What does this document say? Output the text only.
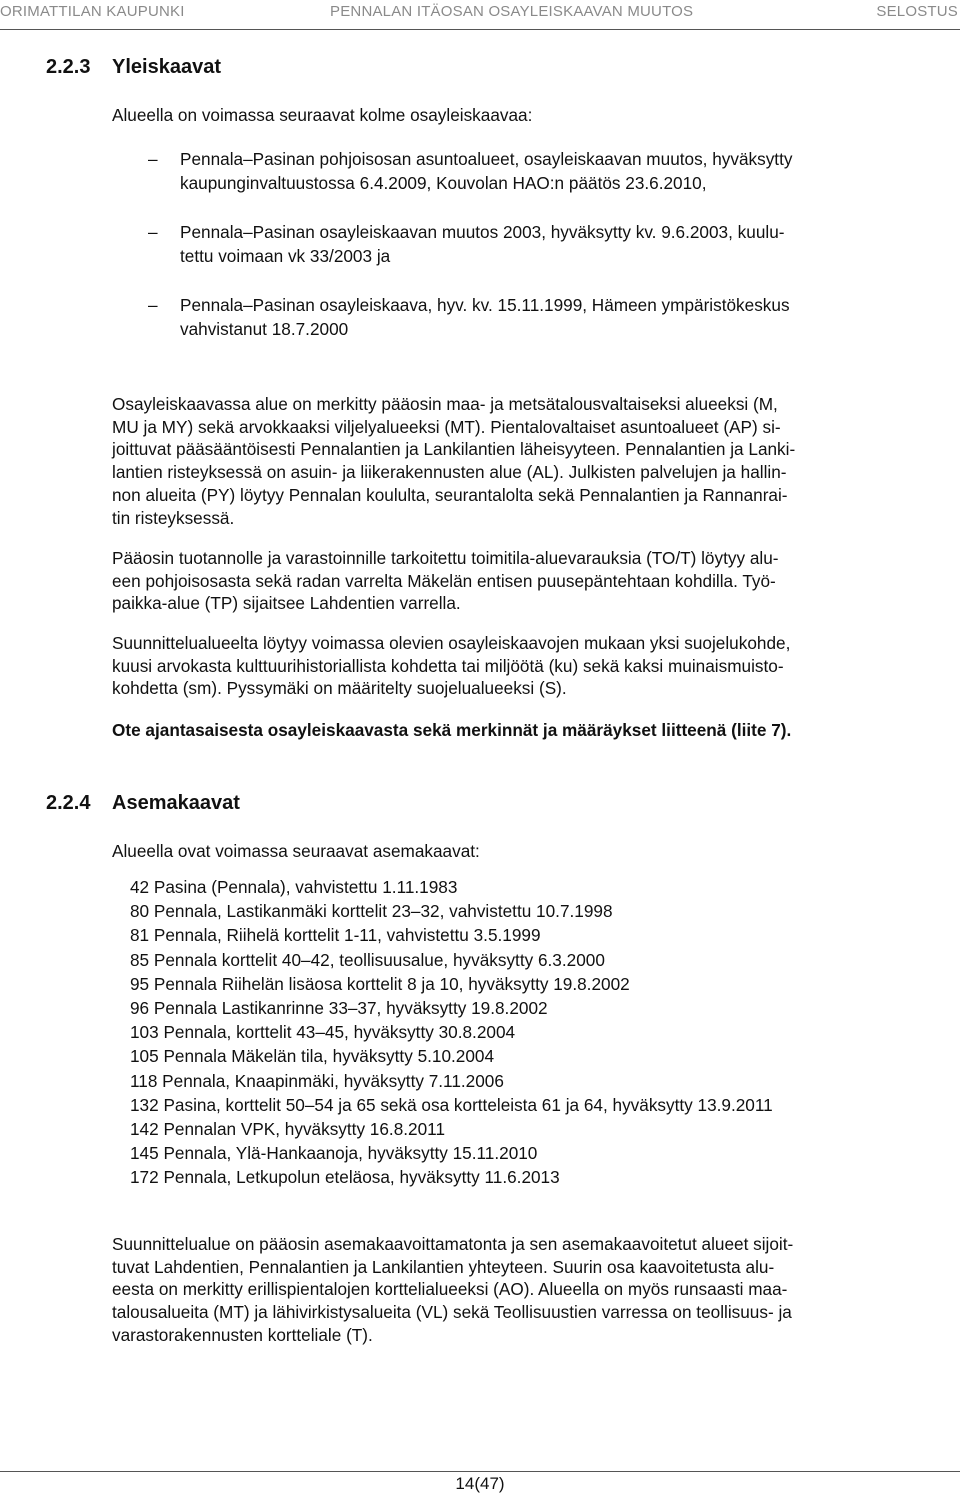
ORIMATTILAN KAUPUNKI	PENNALAN ITÄOSAN OSAYLEISKAAVAN MUUTOS	SELOSTUS
2.2.3 Yleiskaavat
Alueella on voimassa seuraavat kolme osayleiskaavaa:
– Pennala–Pasinan pohjoisosan asuntoalueet, osayleiskaavan muutos, hyväksytty
kaupunginvaltuustossa 6.4.2009, Kouvolan HAO:n päätös 23.6.2010,
– Pennala–Pasinan osayleiskaavan muutos 2003, hyväksytty kv. 9.6.2003, kuulu-
tettu voimaan vk 33/2003 ja
– Pennala–Pasinan osayleiskaava, hyv. kv. 15.11.1999, Hämeen ympäristökeskus
vahvistanut 18.7.2000
Osayleiskaavassa alue on merkitty pääosin maa- ja metsätalousvaltaiseksi alueeksi (M,
MU ja MY) sekä arvokkaaksi viljelyalueeksi (MT). Pientalovaltaiset asuntoalueet (AP) si-
joittuvat pääsääntöisesti Pennalantien ja Lankilantien läheisyyteen. Pennalantien ja Lanki-
lantien risteyksessä on asuin- ja liikerakennusten alue (AL). Julkisten palvelujen ja hallin-
non alueita (PY) löytyy Pennalan koululta, seurantalolta sekä Pennalantien ja Rannanrai-
tin risteyksessä.
Pääosin tuotannolle ja varastoinnille tarkoitettu toimitila-aluevarauksia (TO/T) löytyy alu-
een pohjoisosasta sekä radan varrelta Mäkelän entisen puusepäntehtaan kohdilla. Työ-
paikka-alue (TP) sijaitsee Lahdentien varrella.
Suunnittelualueelta löytyy voimassa olevien osayleiskaavojen mukaan yksi suojelukohde,
kuusi arvokasta kulttuurihistoriallista kohdetta tai miljöötä (ku) sekä kaksi muinaismuisto-
kohdetta (sm). Pyssymäki on määritelty suojelualueeksi (S).
Ote ajantasaisesta osayleiskaavasta sekä merkinnät ja määräykset liitteenä (liite 7).
2.2.4 Asemakaavat
Alueella ovat voimassa seuraavat asemakaavat:
42 Pasina (Pennala), vahvistettu 1.11.1983
80 Pennala, Lastikanmäki korttelit 23–32, vahvistettu 10.7.1998
81 Pennala, Riihelä korttelit 1-11, vahvistettu 3.5.1999
85 Pennala korttelit 40–42, teollisuusalue, hyväksytty 6.3.2000
95 Pennala Riihelän lisäosa korttelit 8 ja 10, hyväksytty 19.8.2002
96 Pennala Lastikanrinne 33–37, hyväksytty 19.8.2002
103 Pennala, korttelit 43–45, hyväksytty 30.8.2004
105 Pennala Mäkelän tila, hyväksytty 5.10.2004
118 Pennala, Knaapinmäki, hyväksytty 7.11.2006
132 Pasina, korttelit 50–54 ja 65 sekä osa kortteleista 61 ja 64, hyväksytty 13.9.2011
142 Pennalan VPK, hyväksytty 16.8.2011
145 Pennala, Ylä-Hankaanoja, hyväksytty 15.11.2010
172 Pennala, Letkupolun eteläosa, hyväksytty 11.6.2013
Suunnittelualue on pääosin asemakaavoittamatonta ja sen asemakaavoitetut alueet sijoit-
tuvat Lahdentien, Pennalantien ja Lankilantien yhteyteen. Suurin osa kaavoitetusta alu-
eesta on merkitty erillispientalojen korttelialueeksi (AO). Alueella on myös runsaasti maa-
talousalueita (MT) ja lähivirkistysalueita (VL) sekä Teollisuustien varressa on teollisuus- ja
varastorakennusten kortteliale (T).
14(47)
